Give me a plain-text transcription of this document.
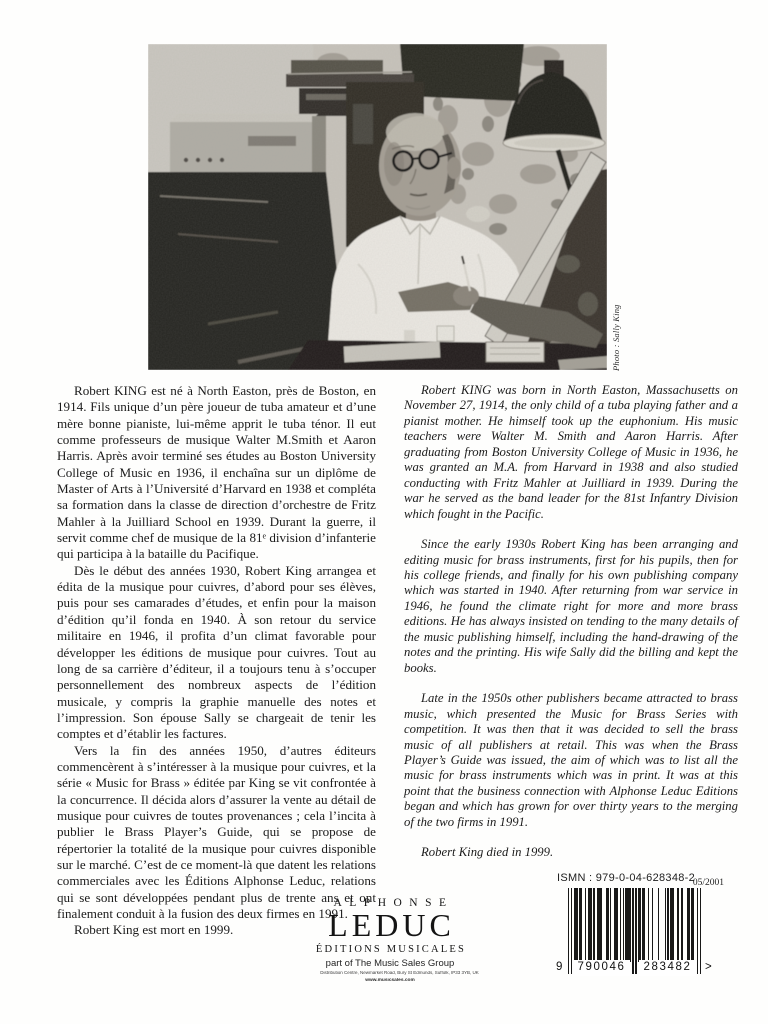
Photo : Sally King

Robert KING est né à North Easton, près de Boston, en 1914. Fils unique d’un père joueur de tuba amateur et d’une mère bonne pianiste, lui-même apprit le tuba ténor. Il eut comme professeurs de musique Walter M.Smith et Aaron Harris. Après avoir terminé ses études au Boston University College of Music en 1936, il enchaîna sur un diplôme de Master of Arts à l’Université d’Harvard en 1938 et compléta sa formation dans la classe de direction d’orchestre de Fritz Mahler à la Juilliard School en 1939. Durant la guerre, il servit comme chef de musique de la 81ᵉ division d’infanterie qui participa à la bataille du Pacifique.

Dès le début des années 1930, Robert King arrangea et édita de la musique pour cuivres, d’abord pour ses élèves, puis pour ses camarades d’études, et enfin pour la maison d’édition qu’il fonda en 1940. À son retour du service militaire en 1946, il profita d’un climat favorable pour développer les éditions de musique pour cuivres. Tout au long de sa carrière d’éditeur, il a toujours tenu à s’occuper personnellement des nombreux aspects de l’édition musicale, y compris la graphie manuelle des notes et l’impression. Son épouse Sally se chargeait de tenir les comptes et d’établir les factures.

Vers la fin des années 1950, d’autres éditeurs commencèrent à s’intéresser à la musique pour cuivres, et la série « Music for Brass » éditée par King se vit confrontée à la concurrence. Il décida alors d’assurer la vente au détail de musique pour cuivres de toutes provenances ; cela l’incita à publier le Brass Player’s Guide, qui se propose de répertorier la totalité de la musique pour cuivres disponible sur le marché. C’est de ce moment-là que datent les relations commerciales avec les Éditions Alphonse Leduc, relations qui se sont développées pendant plus de trente ans et ont finalement conduit à la fusion des deux firmes en 1991.

Robert King est mort en 1999.

Robert KING was born in North Easton, Massachusetts on November 27, 1914, the only child of a tuba playing father and a pianist mother. He himself took up the euphonium. His music teachers were Walter M. Smith and Aaron Harris. After graduating from Boston University College of Music in 1936, he was granted an M.A. from Harvard in 1938 and also studied conducting with Fritz Mahler at Juilliard in 1939. During the war he served as the band leader for the 81st Infantry Division which fought in the Pacific.

Since the early 1930s Robert King has been arranging and editing music for brass instruments, first for his pupils, then for his college friends, and finally for his own publishing company which was started in 1940. After returning from war service in 1946, he found the climate right for more and more brass editions. He has always insisted on tending to the many details of the music publishing himself, including the hand-drawing of the notes and the printing. His wife Sally did the billing and kept the books.

Late in the 1950s other publishers became attracted to brass music, which presented the Music for Brass Series with competition. It was then that it was decided to sell the brass music of all publishers at retail. This was when the Brass Player’s Guide was issued, the aim of which was to list all the music for brass instruments which was in print. It was at this point that the business connection with Alphonse Leduc Editions began and which has grown for over thirty years to the merging of the two firms in 1991.

Robert King died in 1999.

05/2001
ALPHONSE
LEDUC
ÉDITIONS MUSICALES
part of The Music Sales Group
Distribution Centre, Newmarket Road, Bury St Edmunds, Suffolk, IP33 3YB, UK
www.musicsales.com
ISMN : 979-0-04-628348-2
9	790046	283482	>
